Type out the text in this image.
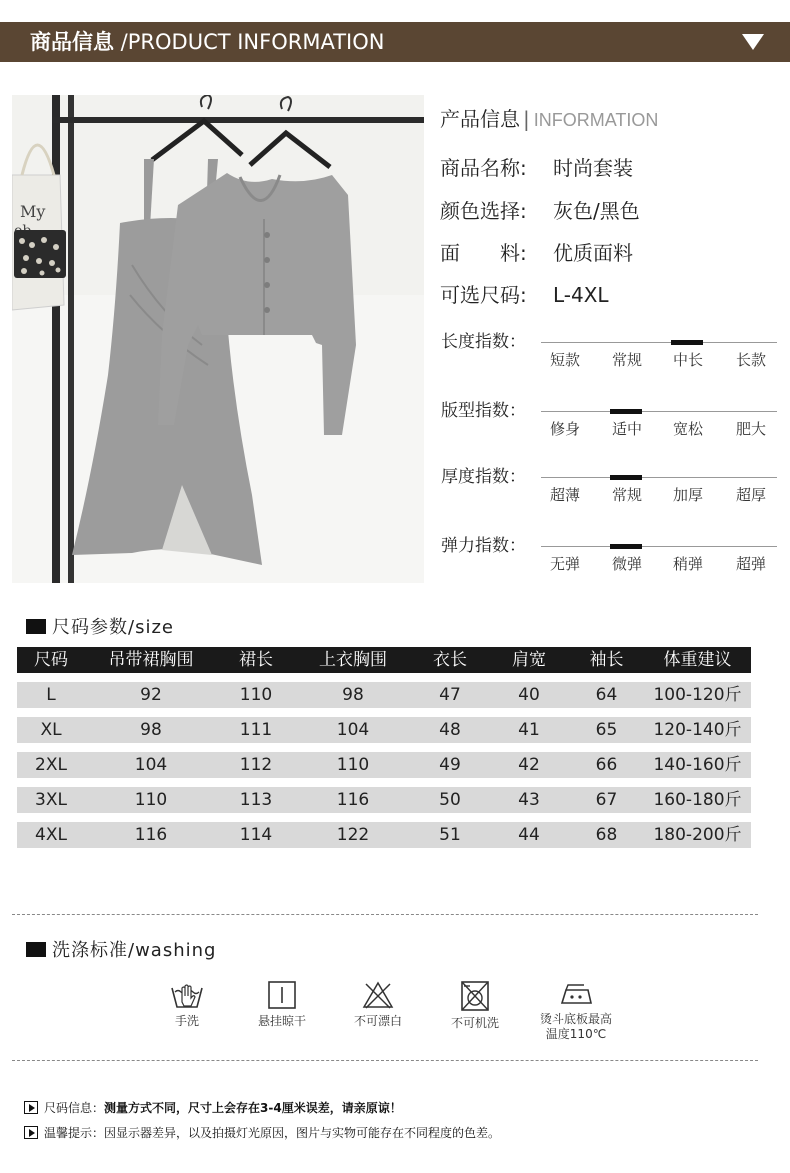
商品信息 /PRODUCT INFORMATION
My
产品信息 | INFORMATION
商品名称: 时尚套装
颜色选择: 灰色/黑色
面　　料: 优质面料
可选尺码: L-4XL
长度指数：
短款	常规	中长	长款
版型指数：
修身	适中	宽松	肥大
厚度指数：
超薄	常规	加厚	超厚
弹力指数：
无弹	微弹	稍弹	超弹
尺码参数/size
尺码	吊带裙胸围	裙长	上衣胸围	衣长	肩宽	袖长	体重建议

L	92	110	98	47	40	64	100-120斤

XL	98	111	104	48	41	65	120-140斤

2XL	104	112	110	49	42	66	140-160斤

3XL	110	113	116	50	43	67	160-180斤

4XL	116	114	122	51	44	68	180-200斤
洗涤标准/washing
手洗	悬挂晾干	不可漂白	不可机洗	烫斗底板最高
温度110℃
尺码信息：测量方式不同，尺寸上会存在3-4厘米误差，请亲原谅！
温馨提示：因显示器差异，以及拍摄灯光原因，图片与实物可能存在不同程度的色差。
